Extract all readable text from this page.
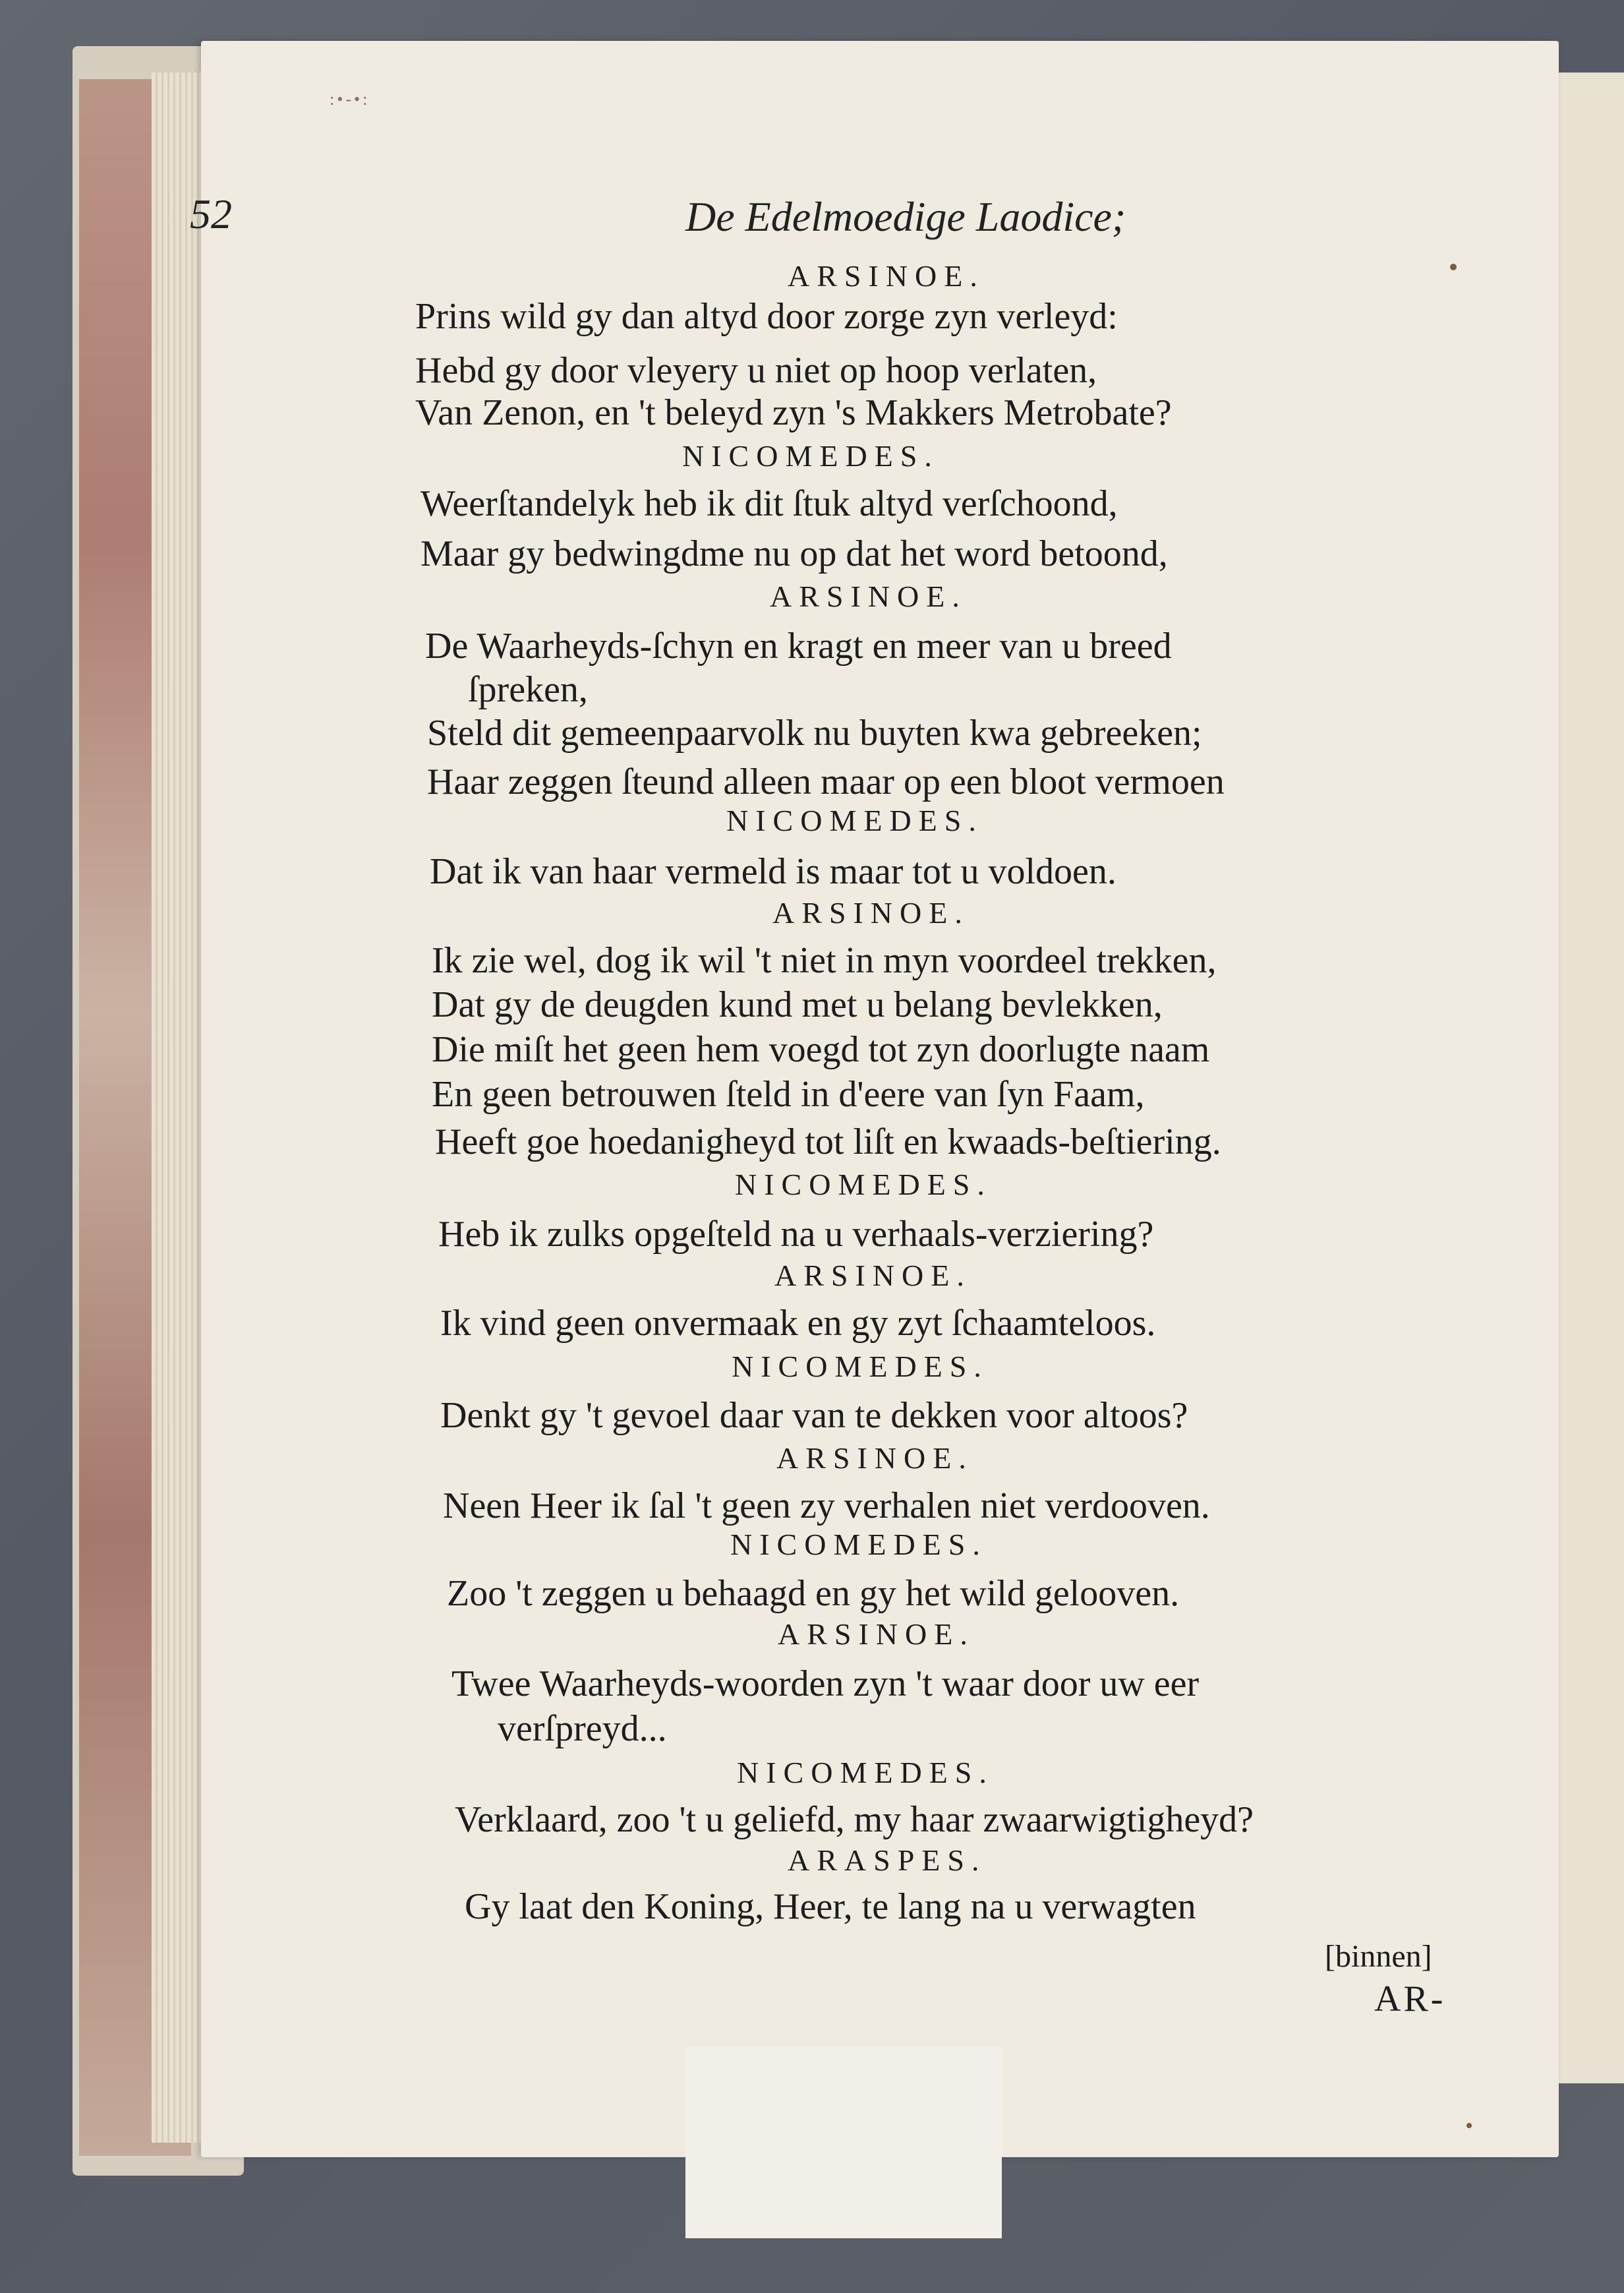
:•-•:
52	De Edelmoedige Laodice;
ARSINOE.
Prins wild gy dan altyd door zorge zyn verleyd:
Hebd gy door vleyery u niet op hoop verlaten,
Van Zenon, en 't beleyd zyn 's Makkers Metrobate?
NICOMEDES.
Weerſtandelyk heb ik dit ſtuk altyd verſchoond,
Maar gy bedwingdme nu op dat het word betoond,
ARSINOE.
De Waarheyds-ſchyn en kragt en meer van u breed
ſpreken,
Steld dit gemeenpaarvolk nu buyten kwa gebreeken;
Haar zeggen ſteund alleen maar op een bloot vermoen
NICOMEDES.
Dat ik van haar vermeld is maar tot u voldoen.
ARSINOE.
Ik zie wel, dog ik wil 't niet in myn voordeel trekken,
Dat gy de deugden kund met u belang bevlekken,
Die miſt het geen hem voegd tot zyn doorlugte naam
En geen betrouwen ſteld in d'eere van ſyn Faam,
Heeft goe hoedanigheyd tot liſt en kwaads-beſtiering.
NICOMEDES.
Heb ik zulks opgeſteld na u verhaals-verziering?
ARSINOE.
Ik vind geen onvermaak en gy zyt ſchaamteloos.
NICOMEDES.
Denkt gy 't gevoel daar van te dekken voor altoos?
ARSINOE.
Neen Heer ik ſal 't geen zy verhalen niet verdooven.
NICOMEDES.
Zoo 't zeggen u behaagd en gy het wild gelooven.
ARSINOE.
Twee Waarheyds-woorden zyn 't waar door uw eer
verſpreyd...
NICOMEDES.
Verklaard, zoo 't u geliefd, my haar zwaarwigtigheyd?
ARASPES.
Gy laat den Koning, Heer, te lang na u verwagten
[binnen]
AR-
